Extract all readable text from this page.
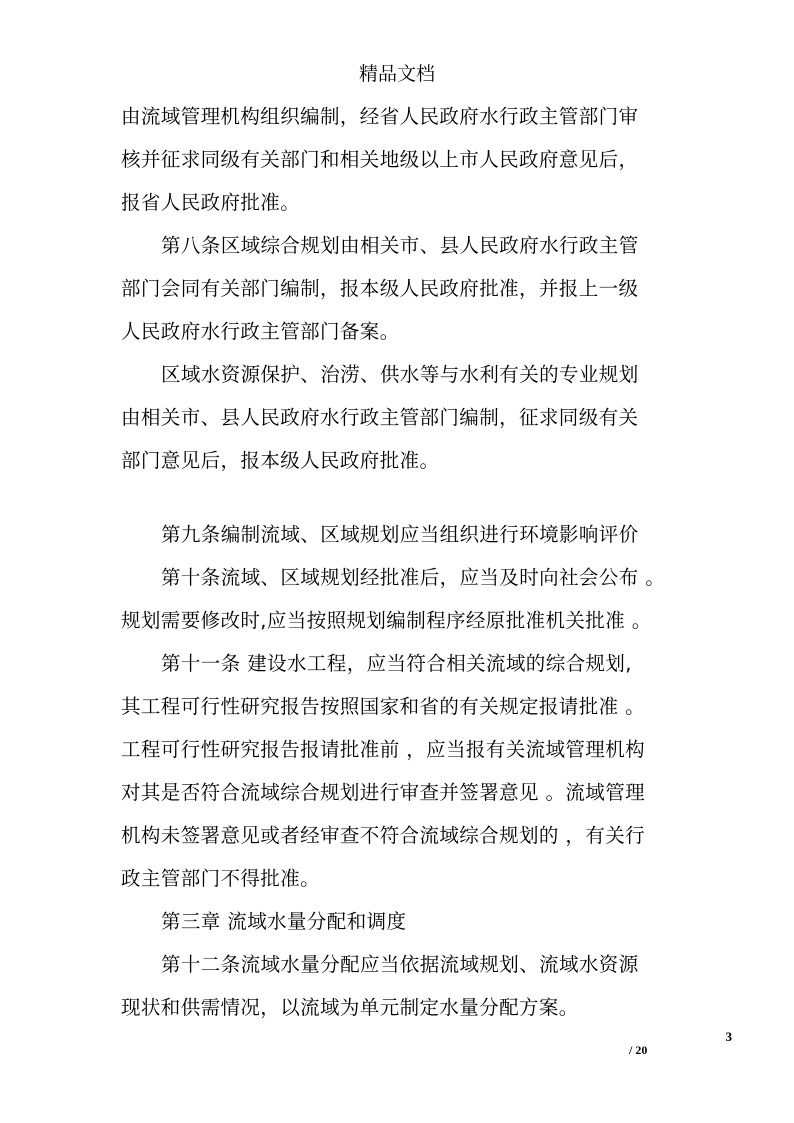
精品文档
由流域管理机构组织编制，经省人民政府水行政主管部门审
核并征求同级有关部门和相关地级以上市人民政府意见后，
报省人民政府批准。
第八条区域综合规划由相关市、县人民政府水行政主管
部门会同有关部门编制，报本级人民政府批准，并报上一级
人民政府水行政主管部门备案。
区域水资源保护、治涝、供水等与水利有关的专业规划
由相关市、县人民政府水行政主管部门编制，征求同级有关
部门意见后，报本级人民政府批准。
第九条编制流域、区域规划应当组织进行环境影响评价
第十条流域、区域规划经批准后，应当及时向社会公布 。
规划需要修改时,应当按照规划编制程序经原批准机关批准 。
第十一条 建设水工程，应当符合相关流域的综合规划,
其工程可行性研究报告按照国家和省的有关规定报请批准 。
工程可行性研究报告报请批准前 ，应当报有关流域管理机构
对其是否符合流域综合规划进行审查并签署意见 。流域管理
机构未签署意见或者经审查不符合流域综合规划的 ，有关行
政主管部门不得批准。
第三章 流域水量分配和调度
第十二条流域水量分配应当依据流域规划、流域水资源
现状和供需情况，以流域为单元制定水量分配方案。
3
/ 20
